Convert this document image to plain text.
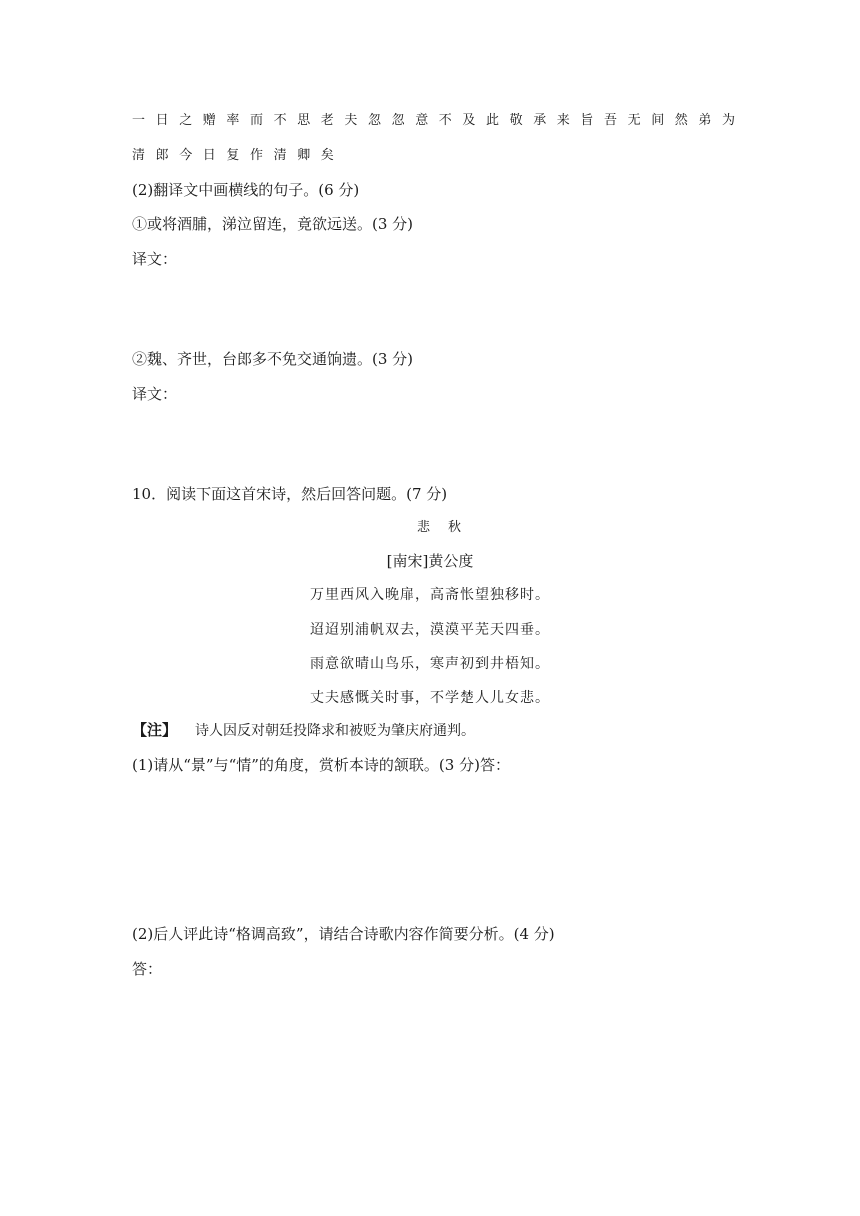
一日之赠率而不思老夫忽忽意不及此敬承来旨吾无间然弟为
清郎今日复作清卿矣
(2)翻译文中画横线的句子。(6 分)
①或将酒脯，涕泣留连，竟欲远送。(3 分)
译文：
②魏、齐世，台郎多不免交通饷遗。(3 分)
译文：
10．阅读下面这首宋诗，然后回答问题。(7 分)
悲秋
[南宋]黄公度
万里西风入晚扉，高斋怅望独移时。
迢迢别浦帆双去，漠漠平芜天四垂。
雨意欲晴山鸟乐，寒声初到井梧知。
丈夫感慨关时事，不学楚人儿女悲。
【注】 诗人因反对朝廷投降求和被贬为肇庆府通判。
(1)请从“景”与“情”的角度，赏析本诗的颔联。(3 分)答：
(2)后人评此诗“格调高致”，请结合诗歌内容作简要分析。(4 分)
答：
